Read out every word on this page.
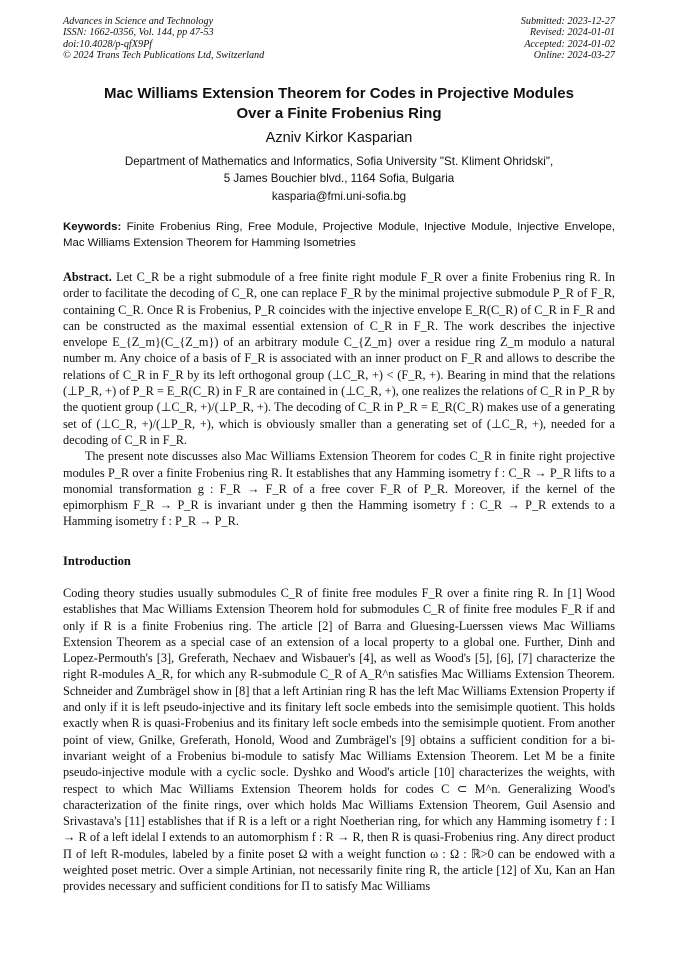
Advances in Science and Technology
ISSN: 1662-0356, Vol. 144, pp 47-53
doi:10.4028/p-qfX9Pf
© 2024 Trans Tech Publications Ltd, Switzerland
Submitted: 2023-12-27
Revised: 2024-01-01
Accepted: 2024-01-02
Online: 2024-03-27
Mac Williams Extension Theorem for Codes in Projective Modules
Over a Finite Frobenius Ring
Azniv Kirkor Kasparian
Department of Mathematics and Informatics, Sofia University "St. Kliment Ohridski",
5 James Bouchier blvd., 1164 Sofia, Bulgaria
kasparia@fmi.uni-sofia.bg
Keywords: Finite Frobenius Ring, Free Module, Projective Module, Injective Module, Injective Envelope, Mac Williams Extension Theorem for Hamming Isometries

Abstract. Let C_R be a right submodule of a free finite right module F_R over a finite Frobenius ring R. In order to facilitate the decoding of C_R, one can replace F_R by the minimal projective submodule P_R of F_R, containing C_R. Once R is Frobenius, P_R coincides with the injective envelope E_R(C_R) of C_R in F_R and can be constructed as the maximal essential extension of C_R in F_R. The work describes the injective envelope E_{Z_m}(C_{Z_m}) of an arbitrary module C_{Z_m} over a residue ring Z_m modulo a natural number m. Any choice of a basis of F_R is associated with an inner product on F_R and allows to describe the relations of C_R in F_R by its left orthogonal group (⊥C_R, +) < (F_R, +). Bearing in mind that the relations (⊥P_R, +) of P_R = E_R(C_R) in F_R are contained in (⊥C_R, +), one realizes the relations of C_R in P_R by the quotient group (⊥C_R, +)/(⊥P_R, +). The decoding of C_R in P_R = E_R(C_R) makes use of a generating set of (⊥C_R, +)/(⊥P_R, +), which is obviously smaller than a generating set of (⊥C_R, +), needed for a decoding of C_R in F_R.

The present note discusses also Mac Williams Extension Theorem for codes C_R in finite right projective modules P_R over a finite Frobenius ring R. It establishes that any Hamming isometry f : C_R → P_R lifts to a monomial transformation g : F_R → F_R of a free cover F_R of P_R. Moreover, if the kernel of the epimorphism F_R → P_R is invariant under g then the Hamming isometry f : C_R → P_R extends to a Hamming isometry f : P_R → P_R.

Introduction

Coding theory studies usually submodules C_R of finite free modules F_R over a finite ring R. In [1] Wood establishes that Mac Williams Extension Theorem hold for submodules C_R of finite free modules F_R if and only if R is a finite Frobenius ring. The article [2] of Barra and Gluesing-Luerssen views Mac Williams Extension Theorem as a special case of an extension of a local property to a global one. Further, Dinh and Lopez-Permouth's [3], Greferath, Nechaev and Wisbauer's [4], as well as Wood's [5], [6], [7] characterize the right R-modules A_R, for which any R-submodule C_R of A_R^n satisfies Mac Williams Extension Theorem. Schneider and Zumbrägel show in [8] that a left Artinian ring R has the left Mac Williams Extension Property if and only if it is left pseudo-injective and its finitary left socle embeds into the semisimple quotient. This holds exactly when R is quasi-Frobenius and its finitary left socle embeds into the semisimple quotient. From another point of view, Gnilke, Greferath, Honold, Wood and Zumbrägel's [9] obtains a sufficient condition for a bi-invariant weight of a Frobenius bi-module to satisfy Mac Williams Extension Theorem. Let M be a finite pseudo-injective module with a cyclic socle. Dyshko and Wood's article [10] characterizes the weights, with respect to which Mac Williams Extension Theorem holds for codes C ⊂ M^n. Generalizing Wood's characterization of the finite rings, over which holds Mac Williams Extension Theorem, Guil Asensio and Srivastava's [11] establishes that if R is a left or a right Noetherian ring, for which any Hamming isometry f : I → R of a left idelal I extends to an automorphism f : R → R, then R is quasi-Frobenius ring. Any direct product Π of left R-modules, labeled by a finite poset Ω with a weight function ω : Ω : ℝ>0 can be endowed with a weighted poset metric. Over a simple Artinian, not necessarily finite ring R, the article [12] of Xu, Kan an Han provides necessary and sufficient conditions for Π to satisfy Mac Williams
